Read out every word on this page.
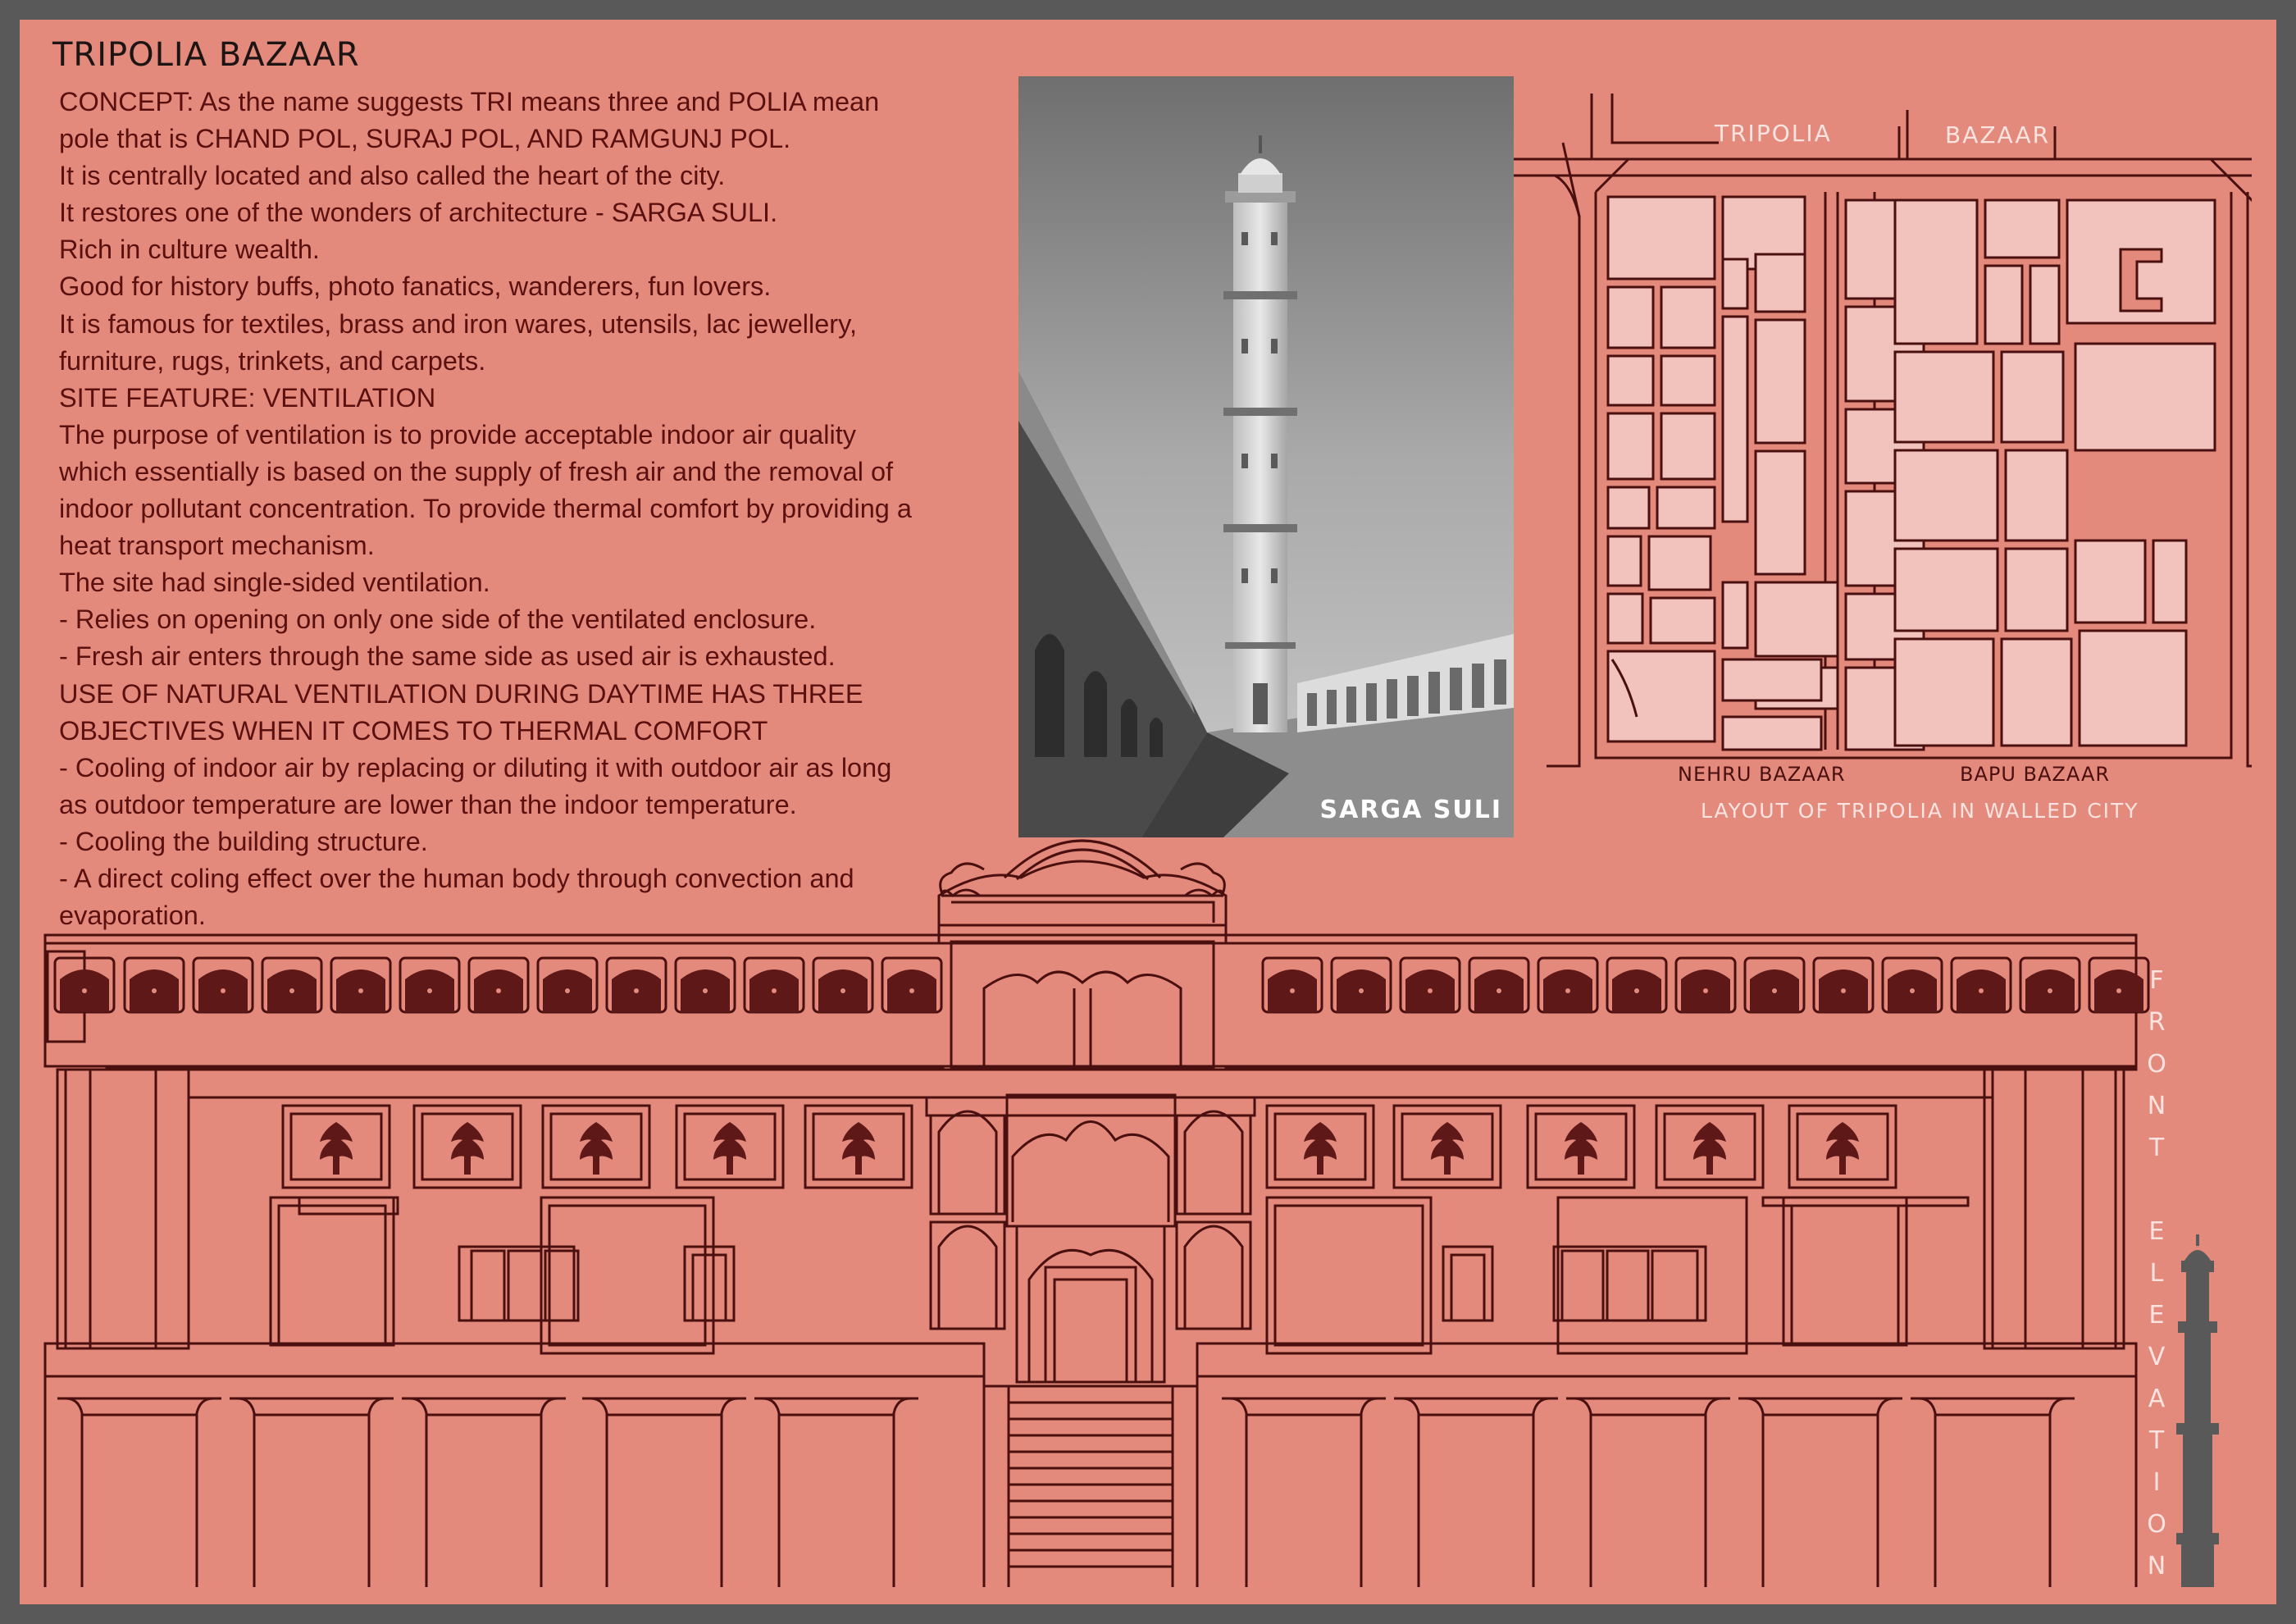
TRIPOLIA BAZAAR
CONCEPT: As the name suggests TRI means three and POLIA mean
pole that is CHAND POL, SURAJ POL, AND RAMGUNJ POL.
It is centrally located and also called the heart of the city.
It restores one of the wonders of architecture - SARGA SULI.
Rich in culture wealth.
Good for history buffs, photo fanatics, wanderers, fun lovers.
It is famous for textiles, brass and iron wares, utensils, lac jewellery,
furniture, rugs, trinkets, and carpets.
SITE FEATURE: VENTILATION
The purpose of ventilation is to provide acceptable indoor air quality
which essentially is based on the supply of fresh air and the removal of
indoor pollutant concentration. To provide thermal comfort by providing a
heat transport mechanism.
The site had single-sided ventilation.
- Relies on opening on only one side of the ventilated enclosure.
- Fresh air enters through the same side as used air is exhausted.
USE OF NATURAL VENTILATION DURING DAYTIME HAS THREE
OBJECTIVES WHEN IT COMES TO THERMAL COMFORT
- Cooling of indoor air by replacing or diluting it with outdoor air as long
as outdoor temperature are lower than the indoor temperature.
- Cooling the building structure.
- A direct coling effect over the human body through convection and
evaporation.
SARGA SULI
TRIPOLIA	BAZAAR
NEHRU BAZAAR	BAPU BAZAAR
LAYOUT OF TRIPOLIA IN WALLED CITY
F
R
O
N
T

E
L
E
V
A
T
I
O
N
